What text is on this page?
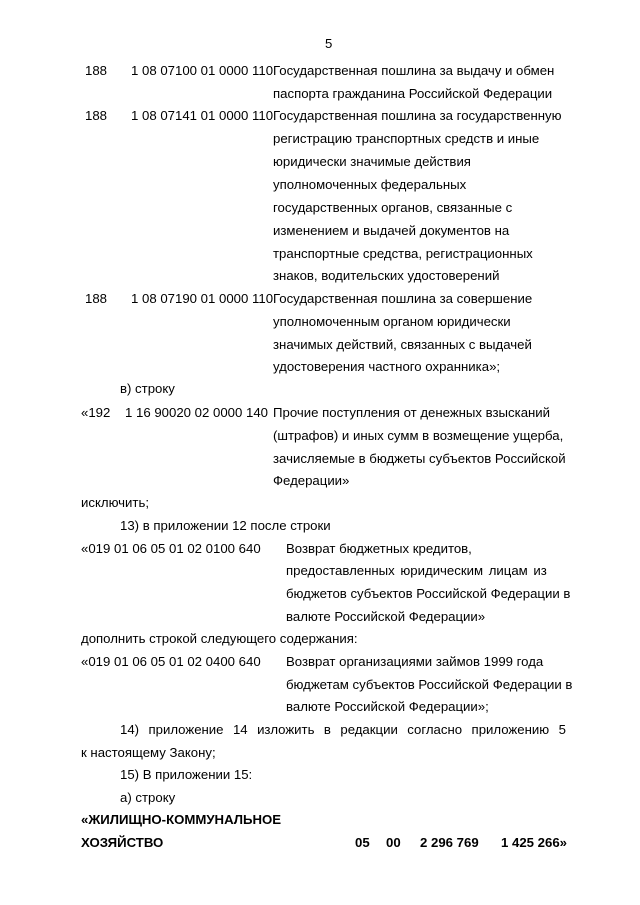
5
188 1 08 07100 01 0000 110 Государственная пошлина за выдачу и обмен
паспорта гражданина Российской Федерации
188 1 08 07141 01 0000 110 Государственная пошлина за государственную
регистрацию транспортных средств и иные
юридически значимые действия
уполномоченных федеральных
государственных органов, связанные с
изменением и выдачей документов на
транспортные средства, регистрационных
знаков, водительских удостоверений
188 1 08 07190 01 0000 110 Государственная пошлина за совершение
уполномоченным органом юридически
значимых действий, связанных с выдачей
удостоверения частного охранника»;
в) строку
«192 1 16 90020 02 0000 140 Прочие поступления от денежных взысканий
(штрафов) и иных сумм в возмещение ущерба,
зачисляемые в бюджеты субъектов Российской
Федерации»
исключить;
13) в приложении 12 после строки
«019 01 06 05 01 02 0100 640 Возврат бюджетных кредитов,
предоставленных юридическим лицам из
бюджетов субъектов Российской Федерации в
валюте Российской Федерации»
дополнить строкой следующего содержания:
«019 01 06 05 01 02 0400 640 Возврат организациями займов 1999 года
бюджетам субъектов Российской Федерации в
валюте Российской Федерации»;
14) приложение 14 изложить в редакции согласно приложению 5
к настоящему Закону;
15) В приложении 15:
а) строку
«ЖИЛИЩНО-КОММУНАЛЬНОЕ
ХОЗЯЙСТВО	05 00 2 296 769 1 425 266»
